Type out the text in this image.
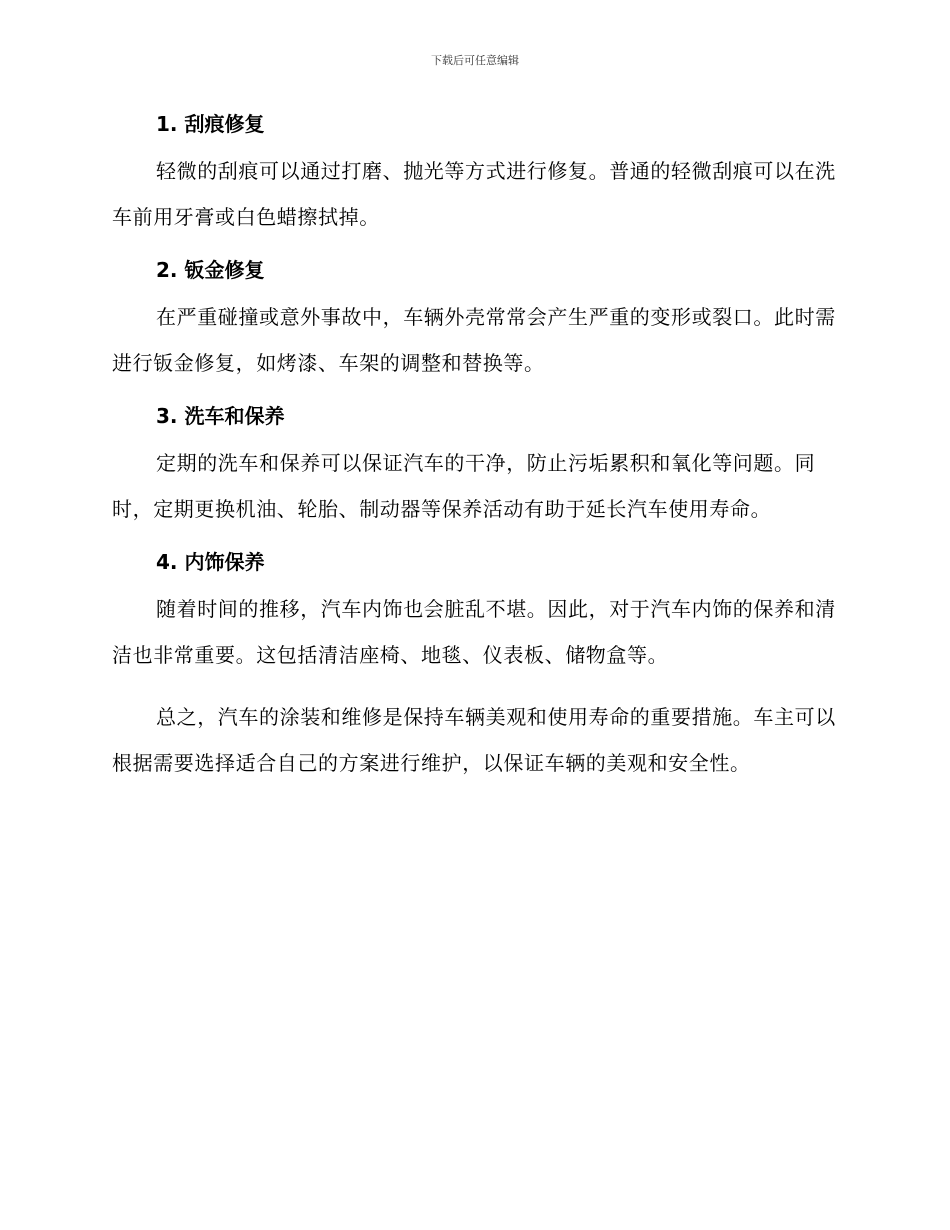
下载后可任意编辑
1. 刮痕修复

轻微的刮痕可以通过打磨、抛光等方式进行修复。普通的轻微刮痕可以在洗车前用牙膏或白色蜡擦拭掉。

2. 钣金修复

在严重碰撞或意外事故中，车辆外壳常常会产生严重的变形或裂口。此时需进行钣金修复，如烤漆、车架的调整和替换等。

3. 洗车和保养

定期的洗车和保养可以保证汽车的干净，防止污垢累积和氧化等问题。同时，定期更换机油、轮胎、制动器等保养活动有助于延长汽车使用寿命。

4. 内饰保养

随着时间的推移，汽车内饰也会脏乱不堪。因此，对于汽车内饰的保养和清洁也非常重要。这包括清洁座椅、地毯、仪表板、储物盒等。

总之，汽车的涂装和维修是保持车辆美观和使用寿命的重要措施。车主可以根据需要选择适合自己的方案进行维护，以保证车辆的美观和安全性。
